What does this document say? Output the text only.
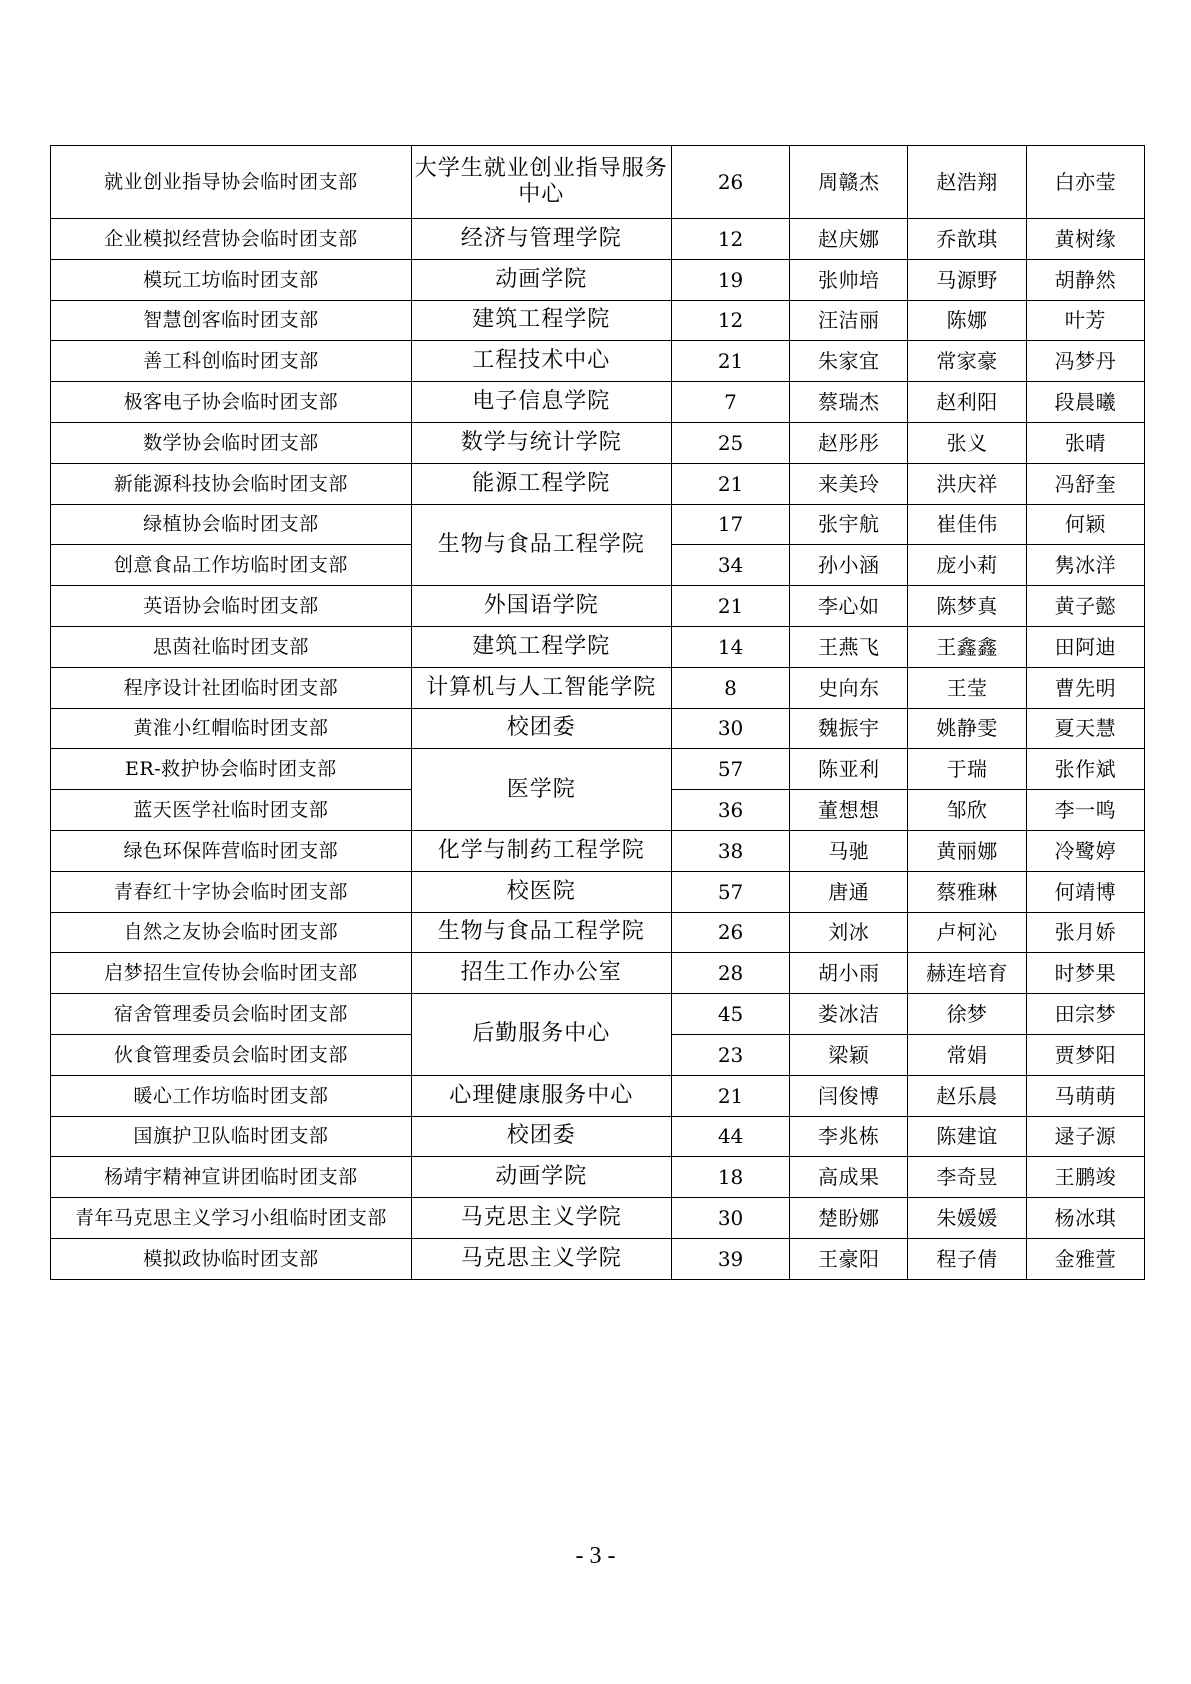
就业创业指导协会临时团支部	大学生就业创业指导服务中心	26	周赣杰	赵浩翔	白亦莹
企业模拟经营协会临时团支部	经济与管理学院	12	赵庆娜	乔歆琪	黄树缘
模玩工坊临时团支部	动画学院	19	张帅培	马源野	胡静然
智慧创客临时团支部	建筑工程学院	12	汪洁丽	陈娜	叶芳
善工科创临时团支部	工程技术中心	21	朱家宜	常家豪	冯梦丹
极客电子协会临时团支部	电子信息学院	7	蔡瑞杰	赵利阳	段晨曦
数学协会临时团支部	数学与统计学院	25	赵彤彤	张义	张晴
新能源科技协会临时团支部	能源工程学院	21	来美玲	洪庆祥	冯舒奎
绿植协会临时团支部	生物与食品工程学院	17	张宇航	崔佳伟	何颖
创意食品工作坊临时团支部		34	孙小涵	庞小莉	隽冰洋
英语协会临时团支部	外国语学院	21	李心如	陈梦真	黄子懿
思茵社临时团支部	建筑工程学院	14	王燕飞	王鑫鑫	田阿迪
程序设计社团临时团支部	计算机与人工智能学院	8	史向东	王莹	曹先明
黄淮小红帽临时团支部	校团委	30	魏振宇	姚静雯	夏天慧
ER-救护协会临时团支部	医学院	57	陈亚利	于瑞	张作斌
蓝天医学社临时团支部		36	董想想	邹欣	李一鸣
绿色环保阵营临时团支部	化学与制药工程学院	38	马驰	黄丽娜	冷鹭婷
青春红十字协会临时团支部	校医院	57	唐通	蔡雅琳	何靖博
自然之友协会临时团支部	生物与食品工程学院	26	刘冰	卢柯沁	张月娇
启梦招生宣传协会临时团支部	招生工作办公室	28	胡小雨	赫连培育	时梦果
宿舍管理委员会临时团支部	后勤服务中心	45	娄冰洁	徐梦	田宗梦
伙食管理委员会临时团支部		23	梁颖	常娟	贾梦阳
暖心工作坊临时团支部	心理健康服务中心	21	闫俊博	赵乐晨	马萌萌
国旗护卫队临时团支部	校团委	44	李兆栋	陈建谊	逯子源
杨靖宇精神宣讲团临时团支部	动画学院	18	高成果	李奇昱	王鹏竣
青年马克思主义学习小组临时团支部	马克思主义学院	30	楚盼娜	朱媛媛	杨冰琪
模拟政协临时团支部	马克思主义学院	39	王豪阳	程子倩	金雅萱

- 3 -
